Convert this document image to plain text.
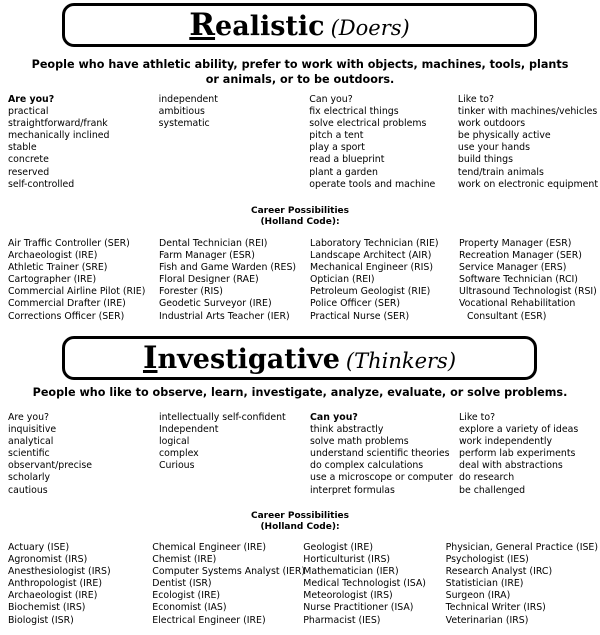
Realistic (Doers)
People who have athletic ability, prefer to work with objects, machines, tools, plants or animals, or to be outdoors.
Are you?
practical
straightforward/frank
mechanically inclined
stable
concrete
reserved
self-controlled
independent
ambitious
systematic
Can you?
fix electrical things
solve electrical problems
pitch a tent
play a sport
read a blueprint
plant a garden
operate tools and machine
Like to?
tinker with machines/vehicles
work outdoors
be physically active
use your hands
build things
tend/train animals
work on electronic equipment
Career Possibilities
(Holland Code):
Air Traffic Controller (SER)
Archaeologist (IRE)
Athletic Trainer (SRE)
Cartographer (IRE)
Commercial Airline Pilot (RIE)
Commercial Drafter (IRE)
Corrections Officer (SER)
Dental Technician (REI)
Farm Manager (ESR)
Fish and Game Warden (RES)
Floral Designer (RAE)
Forester (RIS)
Geodetic Surveyor (IRE)
Industrial Arts Teacher (IER)
Laboratory Technician (RIE)
Landscape Architect (AIR)
Mechanical Engineer (RIS)
Optician (REI)
Petroleum Geologist (RIE)
Police Officer (SER)
Practical Nurse (SER)
Property Manager (ESR)
Recreation Manager (SER)
Service Manager (ERS)
Software Technician (RCI)
Ultrasound Technologist (RSI)
Vocational Rehabilitation
Consultant (ESR)
Investigative (Thinkers)
People who like to observe, learn, investigate, analyze, evaluate, or solve problems.
Are you?
inquisitive
analytical
scientific
observant/precise
scholarly
cautious
intellectually self-confident
Independent
logical
complex
Curious
Can you?
think abstractly
solve math problems
understand scientific theories
do complex calculations
use a microscope or computer
interpret formulas
Like to?
explore a variety of ideas
work independently
perform lab experiments
deal with abstractions
do research
be challenged
Career Possibilities
(Holland Code):
Actuary (ISE)
Agronomist (IRS)
Anesthesiologist (IRS)
Anthropologist (IRE)
Archaeologist (IRE)
Biochemist (IRS)
Biologist (ISR)
Chemical Engineer (IRE)
Chemist (IRE)
Computer Systems Analyst (IER)
Dentist (ISR)
Ecologist (IRE)
Economist (IAS)
Electrical Engineer (IRE)
Geologist (IRE)
Horticulturist (IRS)
Mathematician (IER)
Medical Technologist (ISA)
Meteorologist (IRS)
Nurse Practitioner (ISA)
Pharmacist (IES)
Physician, General Practice (ISE)
Psychologist (IES)
Research Analyst (IRC)
Statistician (IRE)
Surgeon (IRA)
Technical Writer (IRS)
Veterinarian (IRS)
